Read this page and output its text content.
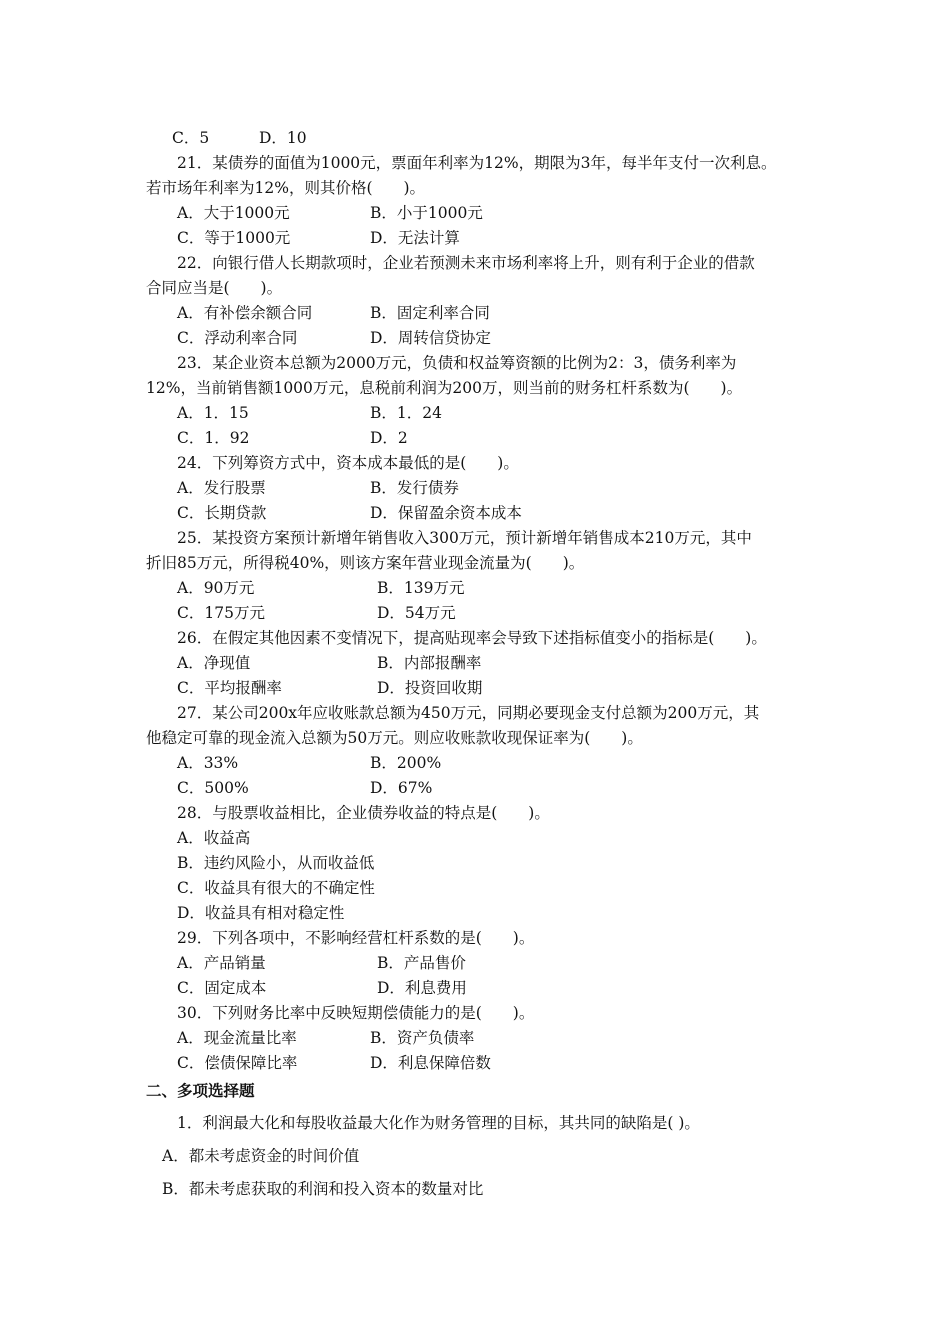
C．5	D．10
21．某债券的面值为1000元，票面年利率为12%，期限为3年，每半年支付一次利息。
若市场年利率为12%，则其价格(　　)。
A．大于1000元	B．小于1000元
C．等于1000元	D．无法计算
22．向银行借人长期款项时，企业若预测未来市场利率将上升，则有利于企业的借款
合同应当是(　　)。
A．有补偿余额合同	B．固定利率合同
C．浮动利率合同	D．周转信贷协定
23．某企业资本总额为2000万元，负债和权益筹资额的比例为2：3，债务利率为
12%，当前销售额1000万元，息税前利润为200万，则当前的财务杠杆系数为(　　)。
A．1．15	B．1．24
C．1．92	D．2
24．下列筹资方式中，资本成本最低的是(　　)。
A．发行股票	B．发行债券
C．长期贷款	D．保留盈余资本成本
25．某投资方案预计新增年销售收入300万元，预计新增年销售成本210万元，其中
折旧85万元，所得税40%，则该方案年营业现金流量为(　　)。
A．90万元	B．139万元
C．175万元	D．54万元
26．在假定其他因素不变情况下，提高贴现率会导致下述指标值变小的指标是(　　)。
A．净现值	B．内部报酬率
C．平均报酬率	D．投资回收期
27．某公司200x年应收账款总额为450万元，同期必要现金支付总额为200万元，其
他稳定可靠的现金流入总额为50万元。则应收账款收现保证率为(　　)。
A．33%	B．200%
C．500%	D．67%
28．与股票收益相比，企业债券收益的特点是(　　)。
A．收益高
B．违约风险小，从而收益低
C．收益具有很大的不确定性
D．收益具有相对稳定性
29．下列各项中，不影响经营杠杆系数的是(　　)。
A．产品销量	B．产品售价
C．固定成本	D．利息费用
30．下列财务比率中反映短期偿债能力的是(　　)。
A．现金流量比率	B．资产负债率
C．偿债保障比率	D．利息保障倍数
二、多项选择题
1．利润最大化和每股收益最大化作为财务管理的目标，其共同的缺陷是( )。
A．都未考虑资金的时间价值
B．都未考虑获取的利润和投入资本的数量对比
